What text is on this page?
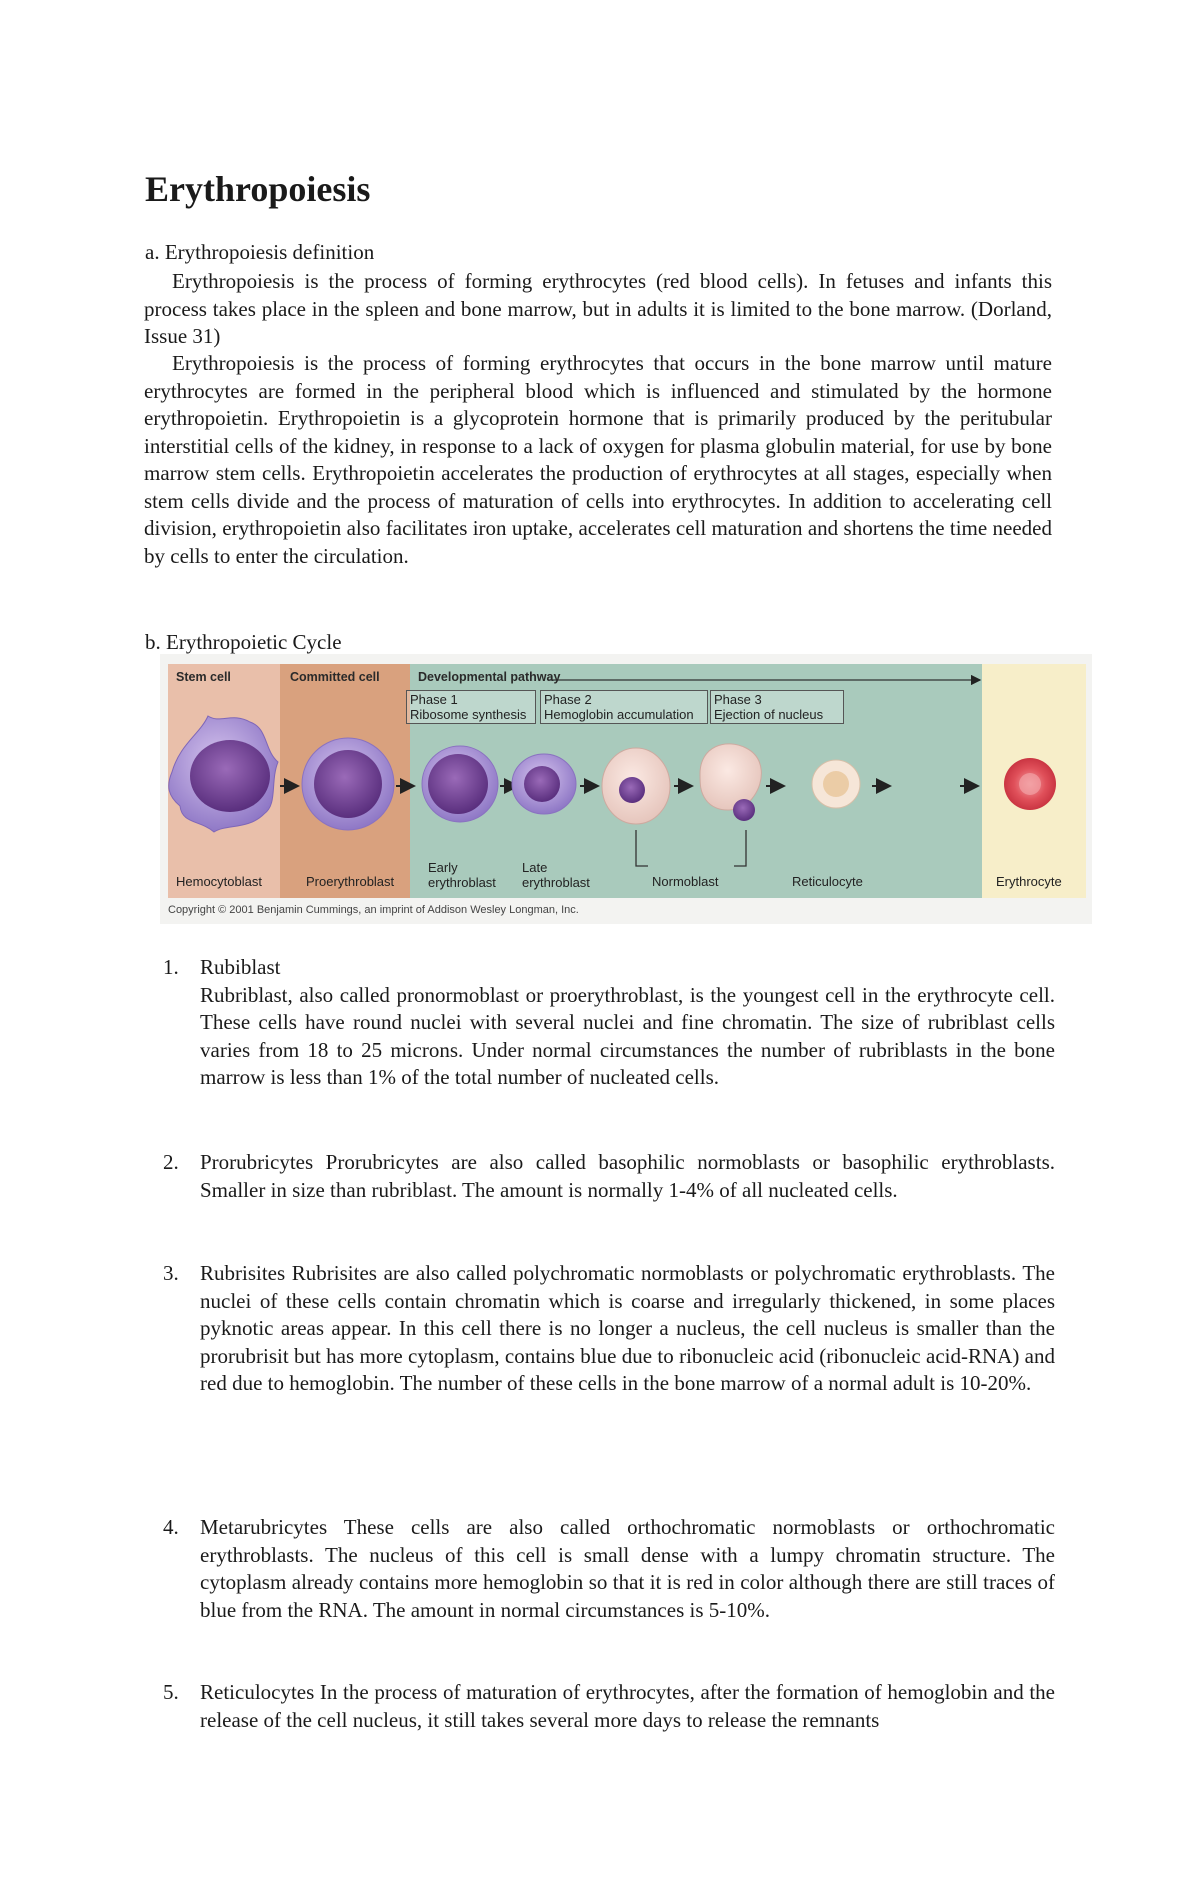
Erythropoiesis
a. Erythropoiesis definition

Erythropoiesis is the process of forming erythrocytes (red blood cells). In fetuses and infants this process takes place in the spleen and bone marrow, but in adults it is limited to the bone marrow. (Dorland, Issue 31)

Erythropoiesis is the process of forming erythrocytes that occurs in the bone marrow until mature erythrocytes are formed in the peripheral blood which is influenced and stimulated by the hormone erythropoietin. Erythropoietin is a glycoprotein hormone that is primarily produced by the peritubular interstitial cells of the kidney, in response to a lack of oxygen for plasma globulin material, for use by bone marrow stem cells. Erythropoietin accelerates the production of erythrocytes at all stages, especially when stem cells divide and the process of maturation of cells into erythrocytes. In addition to accelerating cell division, erythropoietin also facilitates iron uptake, accelerates cell maturation and shortens the time needed by cells to enter the circulation.

b. Erythropoietic Cycle
Stem cell	Committed cell	Developmental pathway
Phase 1
Ribosome synthesis
Phase 2
Hemoglobin accumulation
Phase 3
Ejection of nucleus
Hemocytoblast	Proerythroblast
Early
erythroblast
Late
erythroblast	Normoblast	Reticulocyte	Erythrocyte
Copyright © 2001 Benjamin Cummings, an imprint of Addison Wesley Longman, Inc.
1. Rubiblast
Rubriblast, also called pronormoblast or proerythroblast, is the youngest cell in the erythrocyte cell. These cells have round nuclei with several nuclei and fine chromatin. The size of rubriblast cells varies from 18 to 25 microns. Under normal circumstances the number of rubriblasts in the bone marrow is less than 1% of the total number of nucleated cells.
2. Prorubricytes Prorubricytes are also called basophilic normoblasts or basophilic erythroblasts. Smaller in size than rubriblast. The amount is normally 1-4% of all nucleated cells.
3. Rubrisites Rubrisites are also called polychromatic normoblasts or polychromatic erythroblasts. The nuclei of these cells contain chromatin which is coarse and irregularly thickened, in some places pyknotic areas appear. In this cell there is no longer a nucleus, the cell nucleus is smaller than the prorubrisit but has more cytoplasm, contains blue due to ribonucleic acid (ribonucleic acid-RNA) and red due to hemoglobin. The number of these cells in the bone marrow of a normal adult is 10-20%.
4. Metarubricytes These cells are also called orthochromatic normoblasts or orthochromatic erythroblasts. The nucleus of this cell is small dense with a lumpy chromatin structure. The cytoplasm already contains more hemoglobin so that it is red in color although there are still traces of blue from the RNA. The amount in normal circumstances is 5-10%.
5. Reticulocytes In the process of maturation of erythrocytes, after the formation of hemoglobin and the release of the cell nucleus, it still takes several more days to release the remnants
